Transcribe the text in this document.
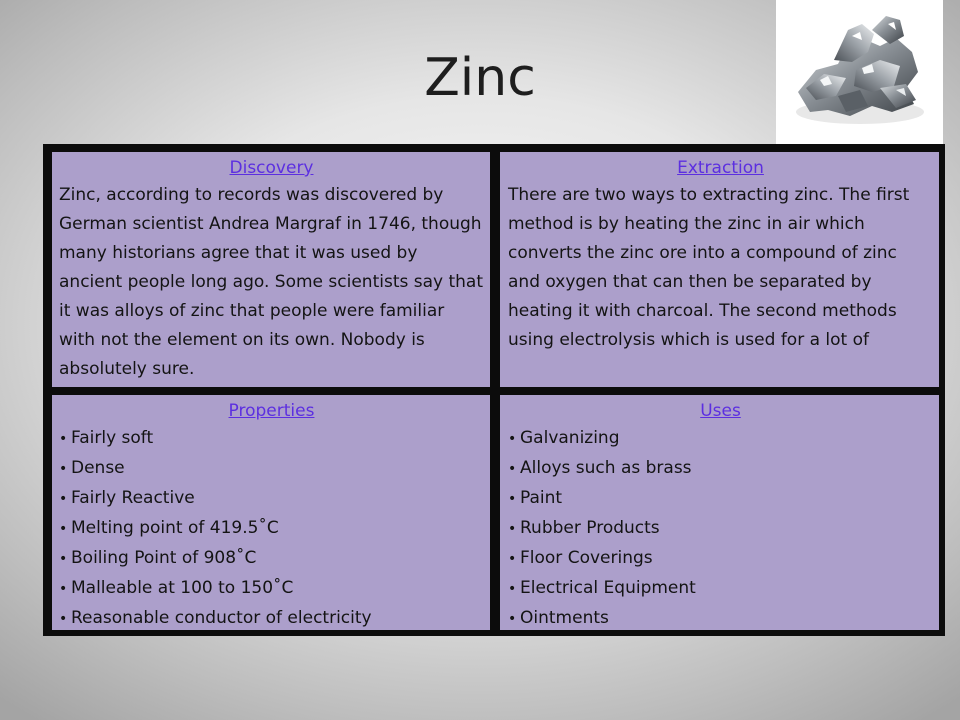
Zinc
Discovery

Zinc, according to records was discovered by German scientist Andrea Margraf in 1746, though many historians agree that it was used by ancient people long ago. Some scientists say that it was alloys of zinc that people were familiar with not the element on its own. Nobody is absolutely sure.

Extraction

There are two ways to extracting zinc. The first method is by heating the zinc in air which converts the zinc ore into a compound of zinc and oxygen that can then be separated by heating it with charcoal. The second methods using electrolysis which is used for a lot of

Properties
• Fairly soft
• Dense
• Fairly Reactive
• Melting point of 419.5˚C
• Boiling Point of 908˚C
• Malleable at 100 to 150˚C
• Reasonable conductor of electricity
Uses
• Galvanizing
• Alloys such as brass
• Paint
• Rubber Products
• Floor Coverings
• Electrical Equipment
• Ointments
